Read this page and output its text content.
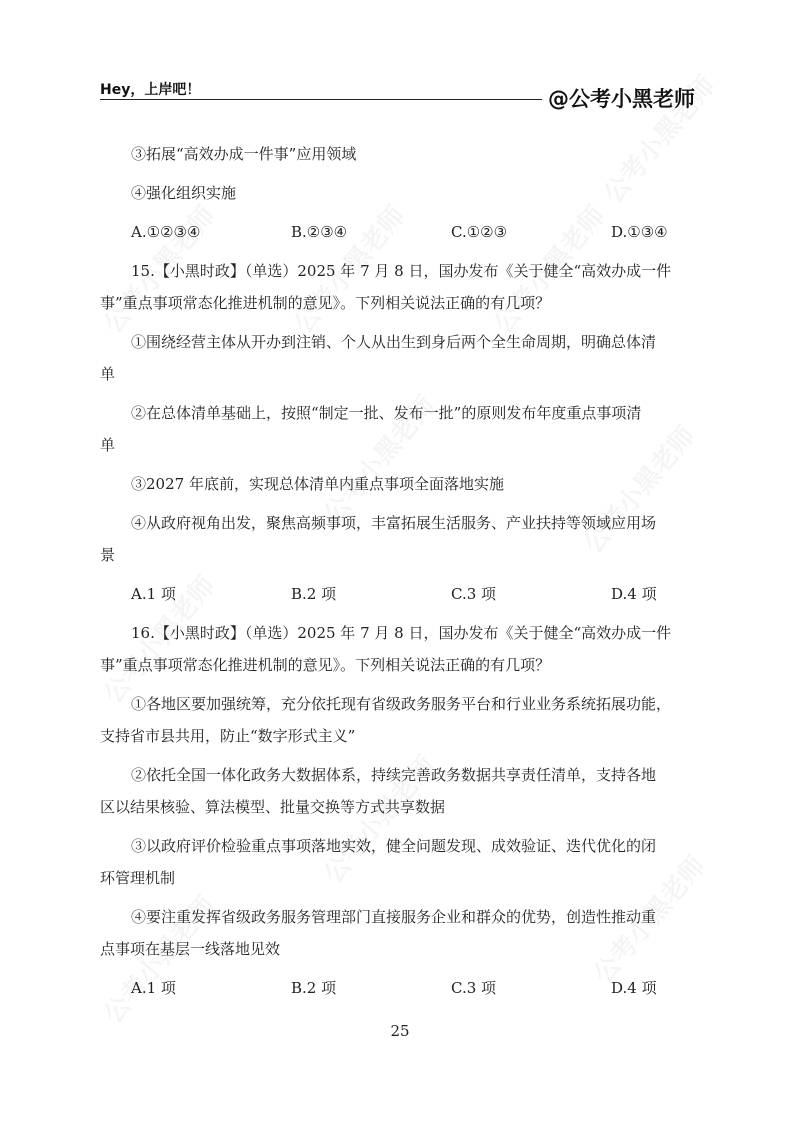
Hey，上岸吧！	@公考小黑老师
③拓展“高效办成一件事”应用领域
④强化组织实施
A.①②③④	B.②③④	C.①②③	D.①③④
15.【小黑时政】（单选）2025 年 7 月 8 日，国办发布《关于健全“高效办成一件
事”重点事项常态化推进机制的意见》。下列相关说法正确的有几项？
①围绕经营主体从开办到注销、个人从出生到身后两个全生命周期，明确总体清
单
②在总体清单基础上，按照“制定一批、发布一批”的原则发布年度重点事项清
单
③2027 年底前，实现总体清单内重点事项全面落地实施
④从政府视角出发，聚焦高频事项，丰富拓展生活服务、产业扶持等领域应用场
景
A.1 项	B.2 项	C.3 项	D.4 项
16.【小黑时政】（单选）2025 年 7 月 8 日，国办发布《关于健全“高效办成一件
事”重点事项常态化推进机制的意见》。下列相关说法正确的有几项？
①各地区要加强统筹，充分依托现有省级政务服务平台和行业业务系统拓展功能，
支持省市县共用，防止“数字形式主义”
②依托全国一体化政务大数据体系，持续完善政务数据共享责任清单，支持各地
区以结果核验、算法模型、批量交换等方式共享数据
③以政府评价检验重点事项落地实效，健全问题发现、成效验证、迭代优化的闭
环管理机制
④要注重发挥省级政务服务管理部门直接服务企业和群众的优势，创造性推动重
点事项在基层一线落地见效
A.1 项	B.2 项	C.3 项	D.4 项
25
